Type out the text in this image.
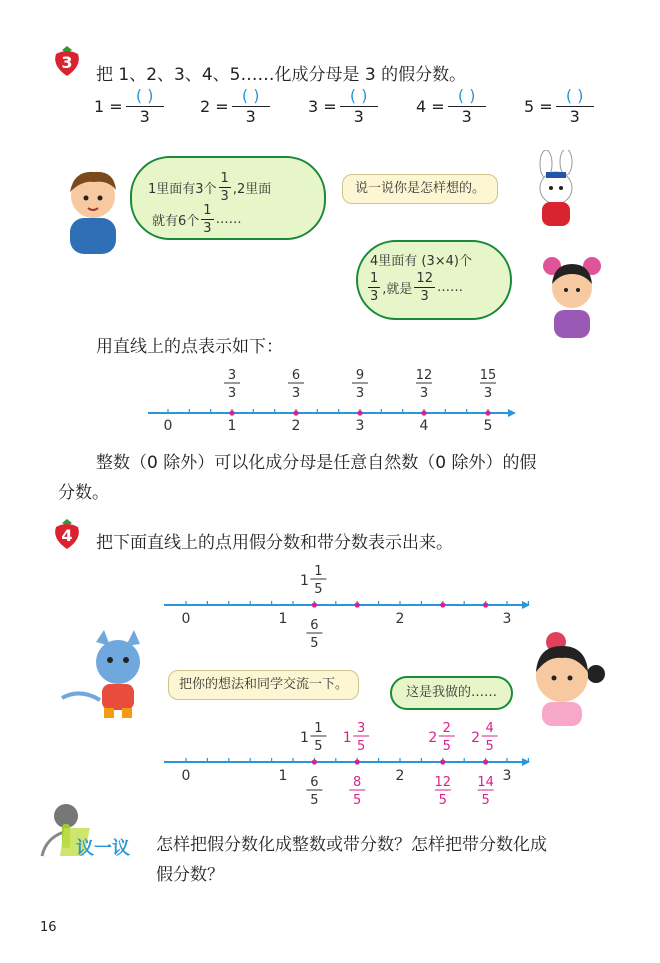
3
把 1、2、3、4、5……化成分母是 3 的假分数。
$1 = \frac{( )}{3} 2 = \frac{( )}{3} 3 = \frac{( )}{3} 4 = \frac{( )}{3} 5 = \frac{( )}{3}$
1里面有3个 $\frac{1}{3} ,2$里面
就有6个 $\frac{1}{3}$ ……
说一说你是怎样想的。
4里面有 (3×4)个
$\frac{1}{3}$ ,就是 $\frac{12}{3}$ ……
用直线上的点表示如下：
0	1	2	3	4	5
3
3
6
3
9
3
12
3
15
3
整数（0 除外）可以化成分母是任意自然数（0 除外）的假
分数。
4	把下面直线上的点用假分数和带分数表示出来。
0	1	2	3
1
1
5
6
5
把你的想法和同学交流一下。
这是我做的……
0	1	2	3
1
1
5
6
5
1
3
5
8
5
2
2
5
12
5
2
4
5
14
5
议一议 怎样把假分数化成整数或带分数？怎样把带分数化成
假分数？
16
